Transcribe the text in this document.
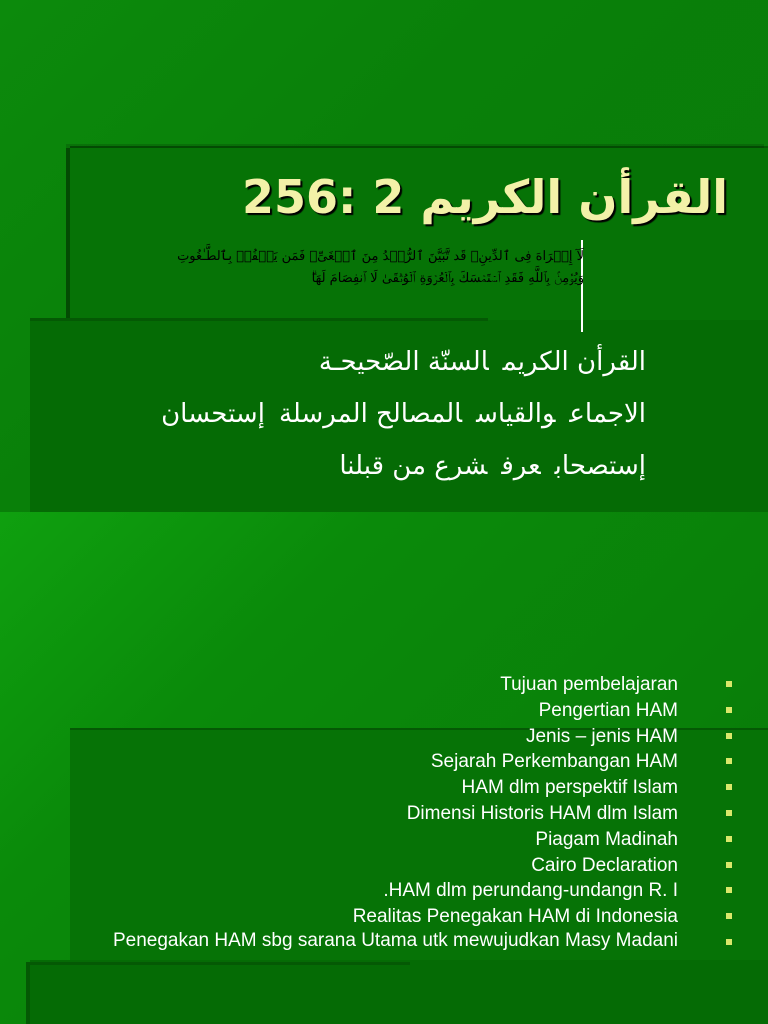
القرأن الكريم 2 :256
لَآ إِكۡرَاهَ فِى ٱلدِّينِ‌ۖ قَد تَّبَيَّنَ ٱلرُّشۡدُ مِنَ ٱلۡغَىِّ‌ۚ فَمَن يَكۡفُرۡ بِٱلطَّـٰغُوتِ
وَيُؤۡمِنۢ بِٱللَّهِ فَقَدِ ٱسۡتَمۡسَكَ بِٱلۡعُرۡوَةِ ٱلۡوُثۡقَىٰ لَا ٱنفِصَامَ لَهَا‌ۗ
القرأن الكريمالسنّة الصّحيحـة
الاجماعوالقياسالمصالح المرسلةإستحسان
إستصحابعرفشرع من قبلنا
Tujuan pembelajaran
Pengertian HAM
Jenis – jenis HAM
Sejarah Perkembangan HAM
HAM dlm perspektif Islam
Dimensi Historis HAM dlm Islam
Piagam Madinah
Cairo Declaration
.HAM dlm perundang-undangn R. I
Realitas Penegakan HAM di Indonesia
Penegakan HAM sbg sarana Utama utk mewujudkan Masy Madani
